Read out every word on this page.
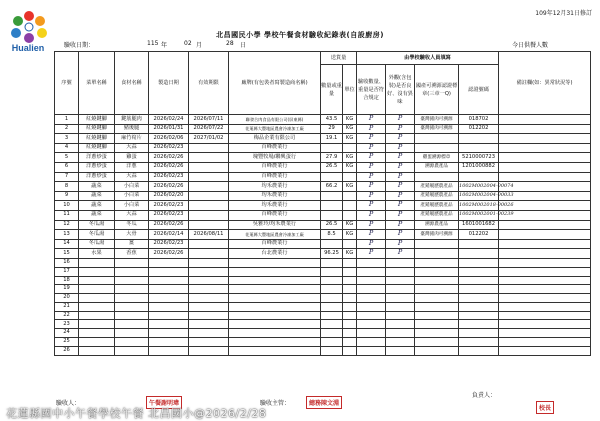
Hualien
109年12月31日修訂
北昌國民小學 學校午餐食材驗收紀錄表(自設廚房)
驗收日期：	115 年	02 月	28 日	今日供餐人數
序號	菜單名稱	食材名稱	製造日期	有效期限	廠牌(有包裝者寫製造商名稱)	送貨量		由學校驗收人員填寫				備註欄(如：異常狀況等)
						數量或重量	單位	驗收數量、重量是否符合規定	外觀(含包裝)是否良好、沒有異味	國產可溯源認證標章(三章一Q)	認證號碼	
1	紅燒鍵腳	鍵筋腿肉	2026/02/24	2026/07/11	聯發合肉食品有限公司(屏東縣)	43.5	KG	P	P	臺灣豬肉可溯源	018702	
2	紅燒鍵腳	豬後腿	2026/01/31	2026/07/22	花蓮縣大豐地區農會冷凍加工廠	29	KG	P	P	臺灣豬肉可溯源	012202	
3	紅燒鍵腳	麻竹筍片	2026/02/06	2027/01/02	梅品企業有限公司	19.1	KG	P	P			
4	紅燒鍵腳	大蒜	2026/02/23		百峰農業行			P	P			
5	洋蔥炒蛋	雞蛋	2026/02/26		塊豐牧場/聯興蛋行	27.9	KG	P	P	雞蛋溯源標章	5210000723	
6	洋蔥炒蛋	洋蔥	2026/02/26		百峰農業行	26.5	KG	P	P	溯源農產品	1201000882	
7	洋蔥炒蛋	大蒜	2026/02/23		百峰農業行			P	P			
8	蔬菜	小白菜	2026/02/26		均禾農業行	66.2	KG	P	P	產銷履歷農產品	1002M002004-00074	
9	蔬菜	小白菜	2026/02/20		均禾農業行			P	P	產銷履歷農產品	1002M002004-00033	
10	蔬菜	小白菜	2026/02/23		均禾農業行			P	P	產銷履歷農產品	1002M002018-00026	
11	蔬菜	大蒜	2026/02/23		百峰農業行			P	P	產銷履歷農產品	1002M002001-00239	
12	冬瓜湯	冬瓜	2026/02/26		吳雅玲/均禾農業行	26.5	KG	P	P	溯源農產品	1601001682	
13	冬瓜湯	大骨	2026/02/14	2026/08/11	花蓮縣大豐地區農會冷凍加工廠	8.5	KG	P	P	臺灣豬肉可溯源	012202	
14	冬瓜湯	薑	2026/02/23		百峰農業行			P	P			
15	水果	香蕉	2026/02/26		台北農業行	96.25	KG	P	P			
16												
17												
18												
19												
20												
21												
22												
23												
24												
25												
26												
驗收人：	午餐謝明瑋	驗收主管：	總務陳文淵
負責人：
校長
花蓮縣國中小午餐學校午餐 北昌國小@2026/2/28
